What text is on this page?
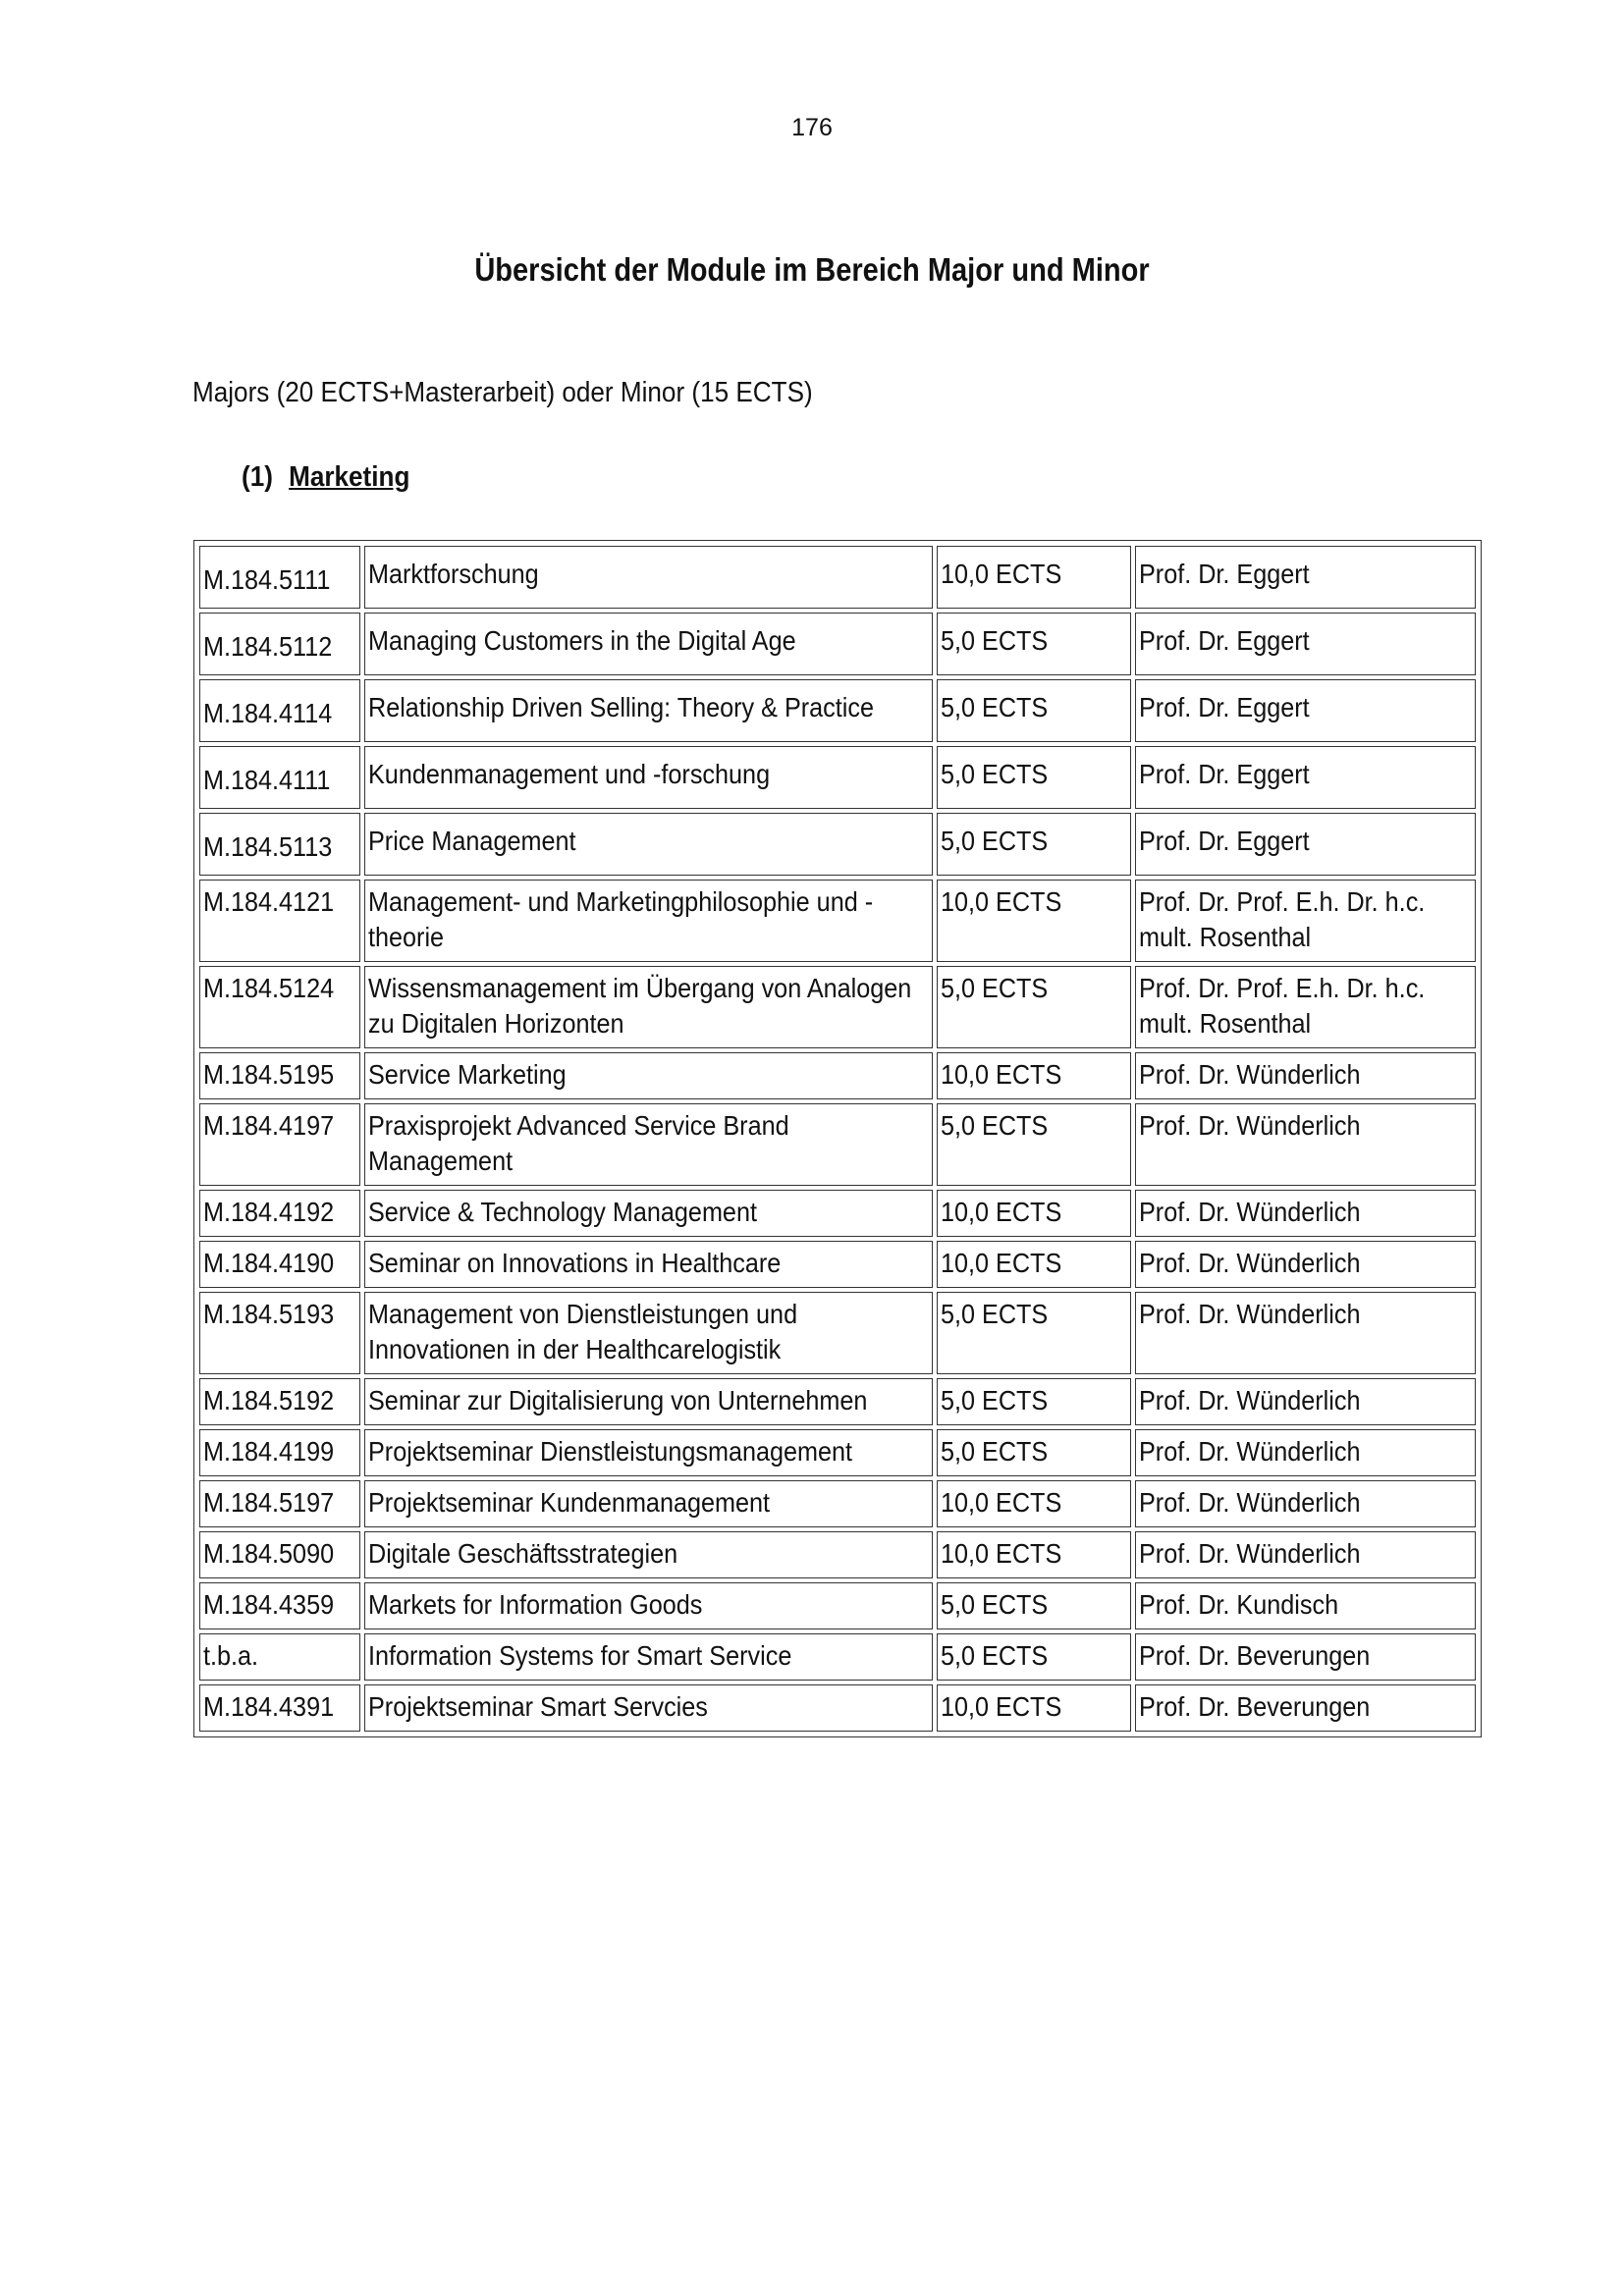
176
Übersicht der Module im Bereich Major und Minor
Majors (20 ECTS+Masterarbeit) oder Minor (15 ECTS)
(1) Marketing
M.184.5111	Marktforschung	10,0 ECTS	Prof. Dr. Eggert

M.184.5112	Managing Customers in the Digital Age	5,0 ECTS	Prof. Dr. Eggert

M.184.4114	Relationship Driven Selling: Theory & Practice	5,0 ECTS	Prof. Dr. Eggert

M.184.4111	Kundenmanagement und -forschung	5,0 ECTS	Prof. Dr. Eggert

M.184.5113	Price Management	5,0 ECTS	Prof. Dr. Eggert

M.184.4121	Management- und Marketingphilosophie und -theorie	10,0 ECTS	Prof. Dr. Prof. E.h. Dr. h.c. mult. Rosenthal

M.184.5124	Wissensmanagement im Übergang von Analogen zu Digitalen Horizonten	5,0 ECTS	Prof. Dr. Prof. E.h. Dr. h.c. mult. Rosenthal

M.184.5195	Service Marketing	10,0 ECTS	Prof. Dr. Wünderlich

M.184.4197	Praxisprojekt Advanced Service Brand Management	5,0 ECTS	Prof. Dr. Wünderlich

M.184.4192	Service & Technology Management	10,0 ECTS	Prof. Dr. Wünderlich

M.184.4190	Seminar on Innovations in Healthcare	10,0 ECTS	Prof. Dr. Wünderlich

M.184.5193	Management von Dienstleistungen und Innovationen in der Healthcarelogistik	5,0 ECTS	Prof. Dr. Wünderlich

M.184.5192	Seminar zur Digitalisierung von Unternehmen	5,0 ECTS	Prof. Dr. Wünderlich

M.184.4199	Projektseminar Dienstleistungsmanagement	5,0 ECTS	Prof. Dr. Wünderlich

M.184.5197	Projektseminar Kundenmanagement	10,0 ECTS	Prof. Dr. Wünderlich

M.184.5090	Digitale Geschäftsstrategien	10,0 ECTS	Prof. Dr. Wünderlich

M.184.4359	Markets for Information Goods	5,0 ECTS	Prof. Dr. Kundisch

t.b.a.	Information Systems for Smart Service	5,0 ECTS	Prof. Dr. Beverungen

M.184.4391	Projektseminar Smart Servcies	10,0 ECTS	Prof. Dr. Beverungen
